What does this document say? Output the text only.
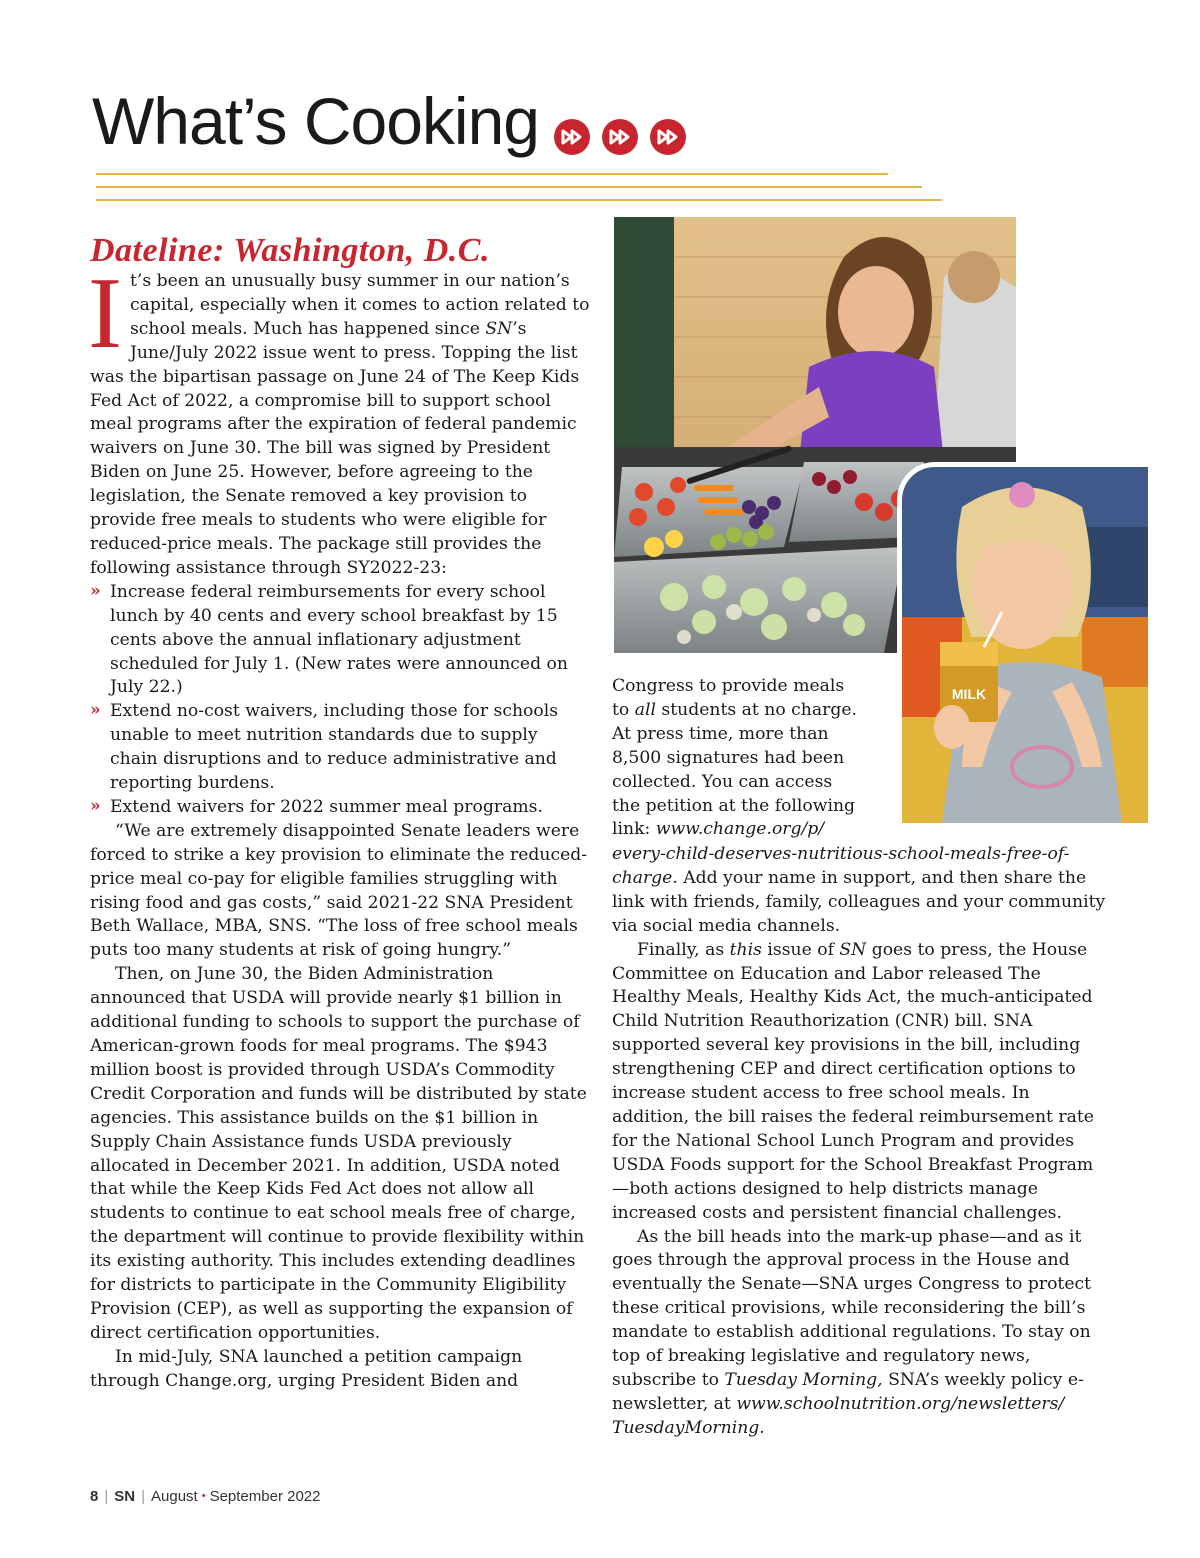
What’s Cooking
Dateline: Washington, D.C.

It’s been an unusually busy summer in our nation’s capital, especially when it comes to action related to school meals. Much has happened since SN’s June/July 2022 issue went to press. Topping the list was the bipartisan passage on June 24 of The Keep Kids Fed Act of 2022, a compromise bill to support school meal programs after the expiration of federal pandemic waivers on June 30. The bill was signed by President Biden on June 25. However, before agreeing to the legislation, the Senate removed a key provision to provide free meals to students who were eligible for reduced-price meals. The package still provides the following assistance through SY2022-23:

» Increase federal reimbursements for every school lunch by 40 cents and every school breakfast by 15 cents above the annual inflationary adjustment scheduled for July 1. (New rates were announced on July 22.)
» Extend no-cost waivers, including those for schools unable to meet nutrition standards due to supply chain disruptions and to reduce administrative and reporting burdens.
» Extend waivers for 2022 summer meal programs.

“We are extremely disappointed Senate leaders were forced to strike a key provision to eliminate the reduced-price meal co-pay for eligible families struggling with rising food and gas costs,” said 2021-22 SNA President Beth Wallace, MBA, SNS. “The loss of free school meals puts too many students at risk of going hungry.”

Then, on June 30, the Biden Administration announced that USDA will provide nearly $1 billion in additional funding to schools to support the purchase of American-grown foods for meal programs. The $943 million boost is provided through USDA’s Commodity Credit Corporation and funds will be distributed by state agencies. This assistance builds on the $1 billion in Supply Chain Assistance funds USDA previously allocated in December 2021. In addition, USDA noted that while the Keep Kids Fed Act does not allow all students to continue to eat school meals free of charge, the department will continue to provide flexibility within its existing authority. This includes extending deadlines for districts to participate in the Community Eligibility Provision (CEP), as well as supporting the expansion of direct certification opportunities.

In mid-July, SNA launched a petition campaign through Change.org, urging President Biden and

MILK

Congress to provide meals
to all students at no charge.
At press time, more than
8,500 signatures had been
collected. You can access
the petition at the following
link: www.change.org/p/

every-child-deserves-nutritious-school-meals-free-of-charge. Add your name in support, and then share the link with friends, family, colleagues and your community via social media channels.

Finally, as this issue of SN goes to press, the House Committee on Education and Labor released The Healthy Meals, Healthy Kids Act, the much-anticipated Child Nutrition Reauthorization (CNR) bill. SNA supported several key provisions in the bill, including strengthening CEP and direct certification options to increase student access to free school meals. In addition, the bill raises the federal reimbursement rate for the National School Lunch Program and provides USDA Foods support for the School Breakfast Program —both actions designed to help districts manage increased costs and persistent financial challenges.

As the bill heads into the mark-up phase—and as it goes through the approval process in the House and eventually the Senate—SNA urges Congress to protect these critical provisions, while reconsidering the bill’s mandate to establish additional regulations. To stay on top of breaking legislative and regulatory news, subscribe to Tuesday Morning, SNA’s weekly policy e-newsletter, at www.schoolnutrition.org/newsletters/ TuesdayMorning.

8 | SN | August • September 2022
